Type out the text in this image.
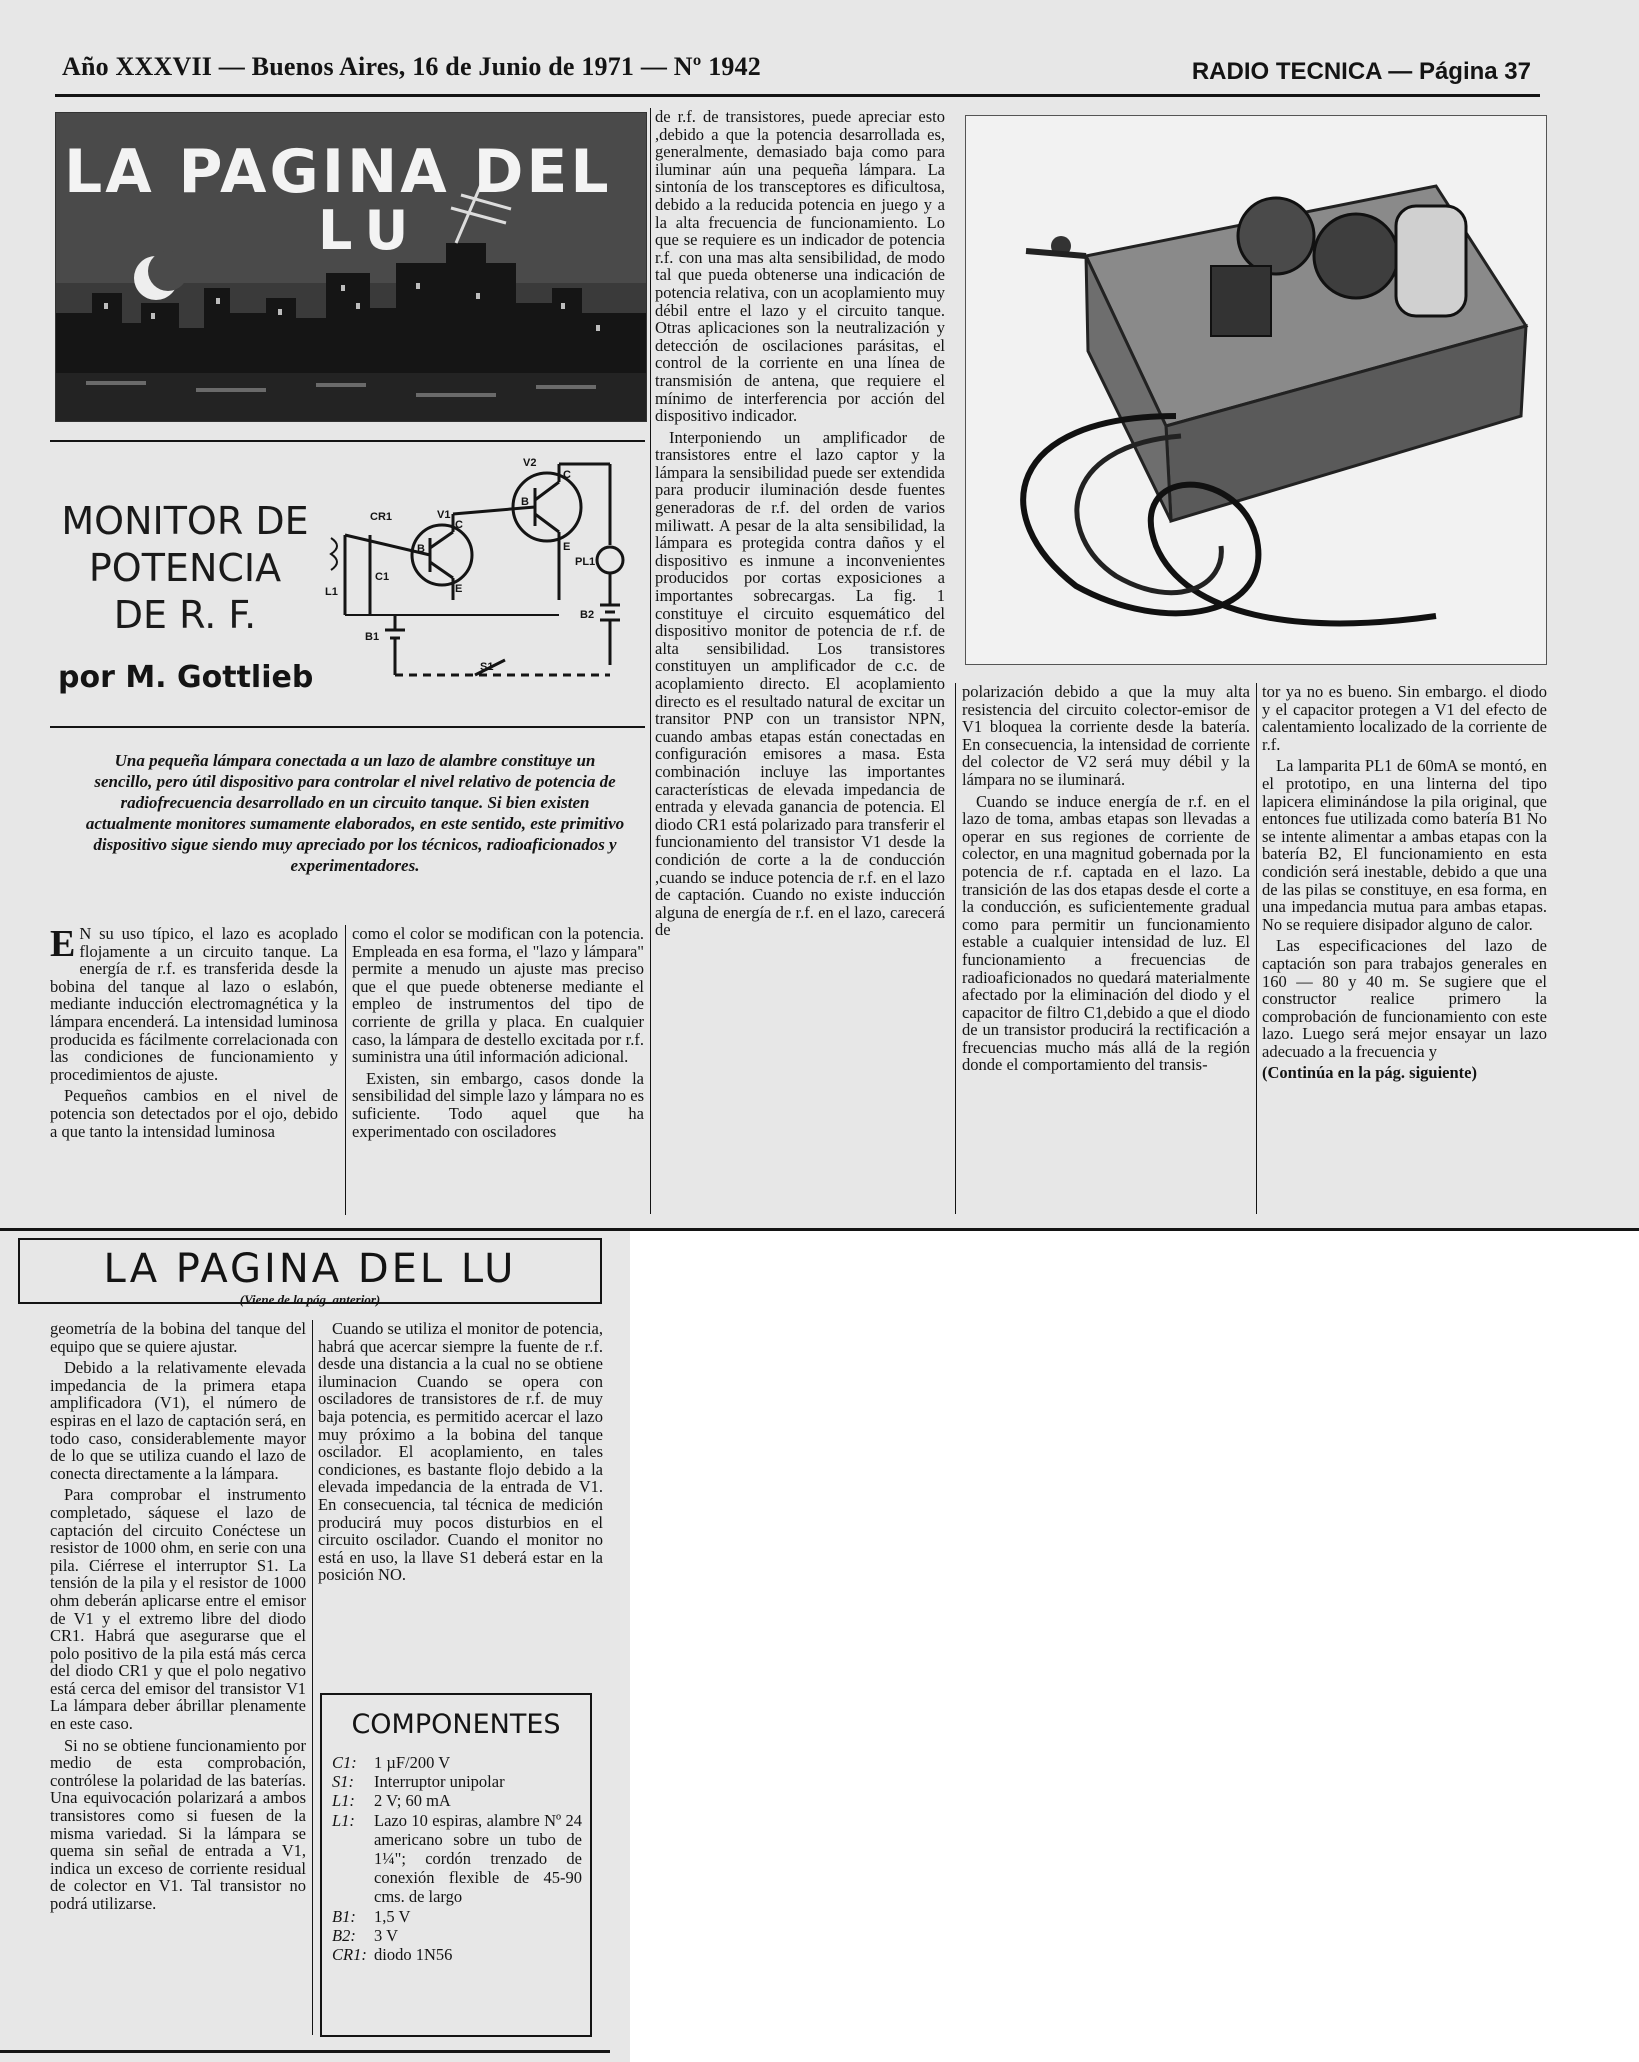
Año XXXVII — Buenos Aires, 16 de Junio de 1971 — Nº 1942	RADIO TECNICA — Página 37
LA PAGINA DEL
LU
MONITOR DE
POTENCIA
DE R. F.
por M. Gottlieb
CR1
L1
C1
V1
V2
PL1
B1
B2
S1
B
C
E
B
C
E
Una pequeña lámpara conectada a un lazo de alambre constituye un sencillo, pero útil dispositivo para controlar el nivel relativo de potencia de radiofrecuencia desarrollado en un circuito tanque. Si bien existen actualmente monitores sumamente elaborados, en este sentido, este primitivo dispositivo sigue siendo muy apreciado por los técnicos, radioaficionados y experimentadores.

E N su uso típico, el lazo es acoplado flojamente a un circuito tanque. La energía de r.f. es transferida desde la bobina del tanque al lazo o eslabón, mediante inducción electromagnética y la lámpara encenderá. La intensidad luminosa producida es fácilmente correlacionada con las condiciones de funcionamiento y procedimientos de ajuste.

Pequeños cambios en el nivel de potencia son detectados por el ojo, debido a que tanto la intensidad luminosa

como el color se modifican con la potencia. Empleada en esa forma, el "lazo y lámpara" permite a menudo un ajuste mas preciso que el que puede obtenerse mediante el empleo de instrumentos del tipo de corriente de grilla y placa. En cualquier caso, la lámpara de destello excitada por r.f. suministra una útil información adicional.

Existen, sin embargo, casos donde la sensibilidad del simple lazo y lámpara no es suficiente. Todo aquel que ha experimentado con osciladores

de r.f. de transistores, puede apreciar esto ,debido a que la potencia desarrollada es, generalmente, demasiado baja como para iluminar aún una pequeña lámpara. La sintonía de los transceptores es dificultosa, debido a la reducida potencia en juego y a la alta frecuencia de funcionamiento. Lo que se requiere es un indicador de potencia r.f. con una mas alta sensibilidad, de modo tal que pueda obtenerse una indicación de potencia relativa, con un acoplamiento muy débil entre el lazo y el circuito tanque. Otras aplicaciones son la neutralización y detección de oscilaciones parásitas, el control de la corriente en una línea de transmisión de antena, que requiere el mínimo de interferencia por acción del dispositivo indicador.

Interponiendo un amplificador de transistores entre el lazo captor y la lámpara la sensibilidad puede ser extendida para producir iluminación desde fuentes generadoras de r.f. del orden de varios miliwatt. A pesar de la alta sensibilidad, la lámpara es protegida contra daños y el dispositivo es inmune a inconvenientes producidos por cortas exposiciones a importantes sobrecargas. La fig. 1 constituye el circuito esquemático del dispositivo monitor de potencia de r.f. de alta sensibilidad. Los transistores constituyen un amplificador de c.c. de acoplamiento directo. El acoplamiento directo es el resultado natural de excitar un transitor PNP con un transistor NPN, cuando ambas etapas están conectadas en configuración emisores a masa. Esta combinación incluye las importantes características de elevada impedancia de entrada y elevada ganancia de potencia. El diodo CR1 está polarizado para transferir el funcionamiento del transistor V1 desde la condición de corte a la de conducción ,cuando se induce potencia de r.f. en el lazo de captación. Cuando no existe inducción alguna de energía de r.f. en el lazo, carecerá de

polarización debido a que la muy alta resistencia del circuito colector-emisor de V1 bloquea la corriente desde la batería. En consecuencia, la intensidad de corriente del colector de V2 será muy débil y la lámpara no se iluminará.

Cuando se induce energía de r.f. en el lazo de toma, ambas etapas son llevadas a operar en sus regiones de corriente de colector, en una magnitud gobernada por la potencia de r.f. captada en el lazo. La transición de las dos etapas desde el corte a la conducción, es suficientemente gradual como para permitir un funcionamiento estable a cualquier intensidad de luz. El funcionamiento a frecuencias de radioaficionados no quedará materialmente afectado por la eliminación del diodo y el capacitor de filtro C1,debido a que el diodo de un transistor producirá la rectificación a frecuencias mucho más allá de la región donde el comportamiento del transis-

tor ya no es bueno. Sin embargo. el diodo y el capacitor protegen a V1 del efecto de calentamiento localizado de la corriente de r.f.

La lamparita PL1 de 60mA se montó, en el prototipo, en una linterna del tipo lapicera eliminándose la pila original, que entonces fue utilizada como batería B1 No se intente alimentar a ambas etapas con la batería B2, El funcionamiento en esta condición será inestable, debido a que una de las pilas se constituye, en esa forma, en una impedancia mutua para ambas etapas. No se requiere disipador alguno de calor.

Las especificaciones del lazo de captación son para trabajos generales en 160 — 80 y 40 m. Se sugiere que el constructor realice primero la comprobación de funcionamiento con este lazo. Luego será mejor ensayar un lazo adecuado a la frecuencia y

(Continúa en la pág. siguiente)

LA PAGINA DEL LU
(Viene de la pág. anterior)

geometría de la bobina del tanque del equipo que se quiere ajustar.

Debido a la relativamente elevada impedancia de la primera etapa amplificadora (V1), el número de espiras en el lazo de captación será, en todo caso, considerablemente mayor de lo que se utiliza cuando el lazo de conecta directamente a la lámpara.

Para comprobar el instrumento completado, sáquese el lazo de captación del circuito Conéctese un resistor de 1000 ohm, en serie con una pila. Ciérrese el interruptor S1. La tensión de la pila y el resistor de 1000 ohm deberán aplicarse entre el emisor de V1 y el extremo libre del diodo CR1. Habrá que asegurarse que el polo positivo de la pila está más cerca del diodo CR1 y que el polo negativo está cerca del emisor del transistor V1 La lámpara deber ábrillar plenamente en este caso.

Si no se obtiene funcionamiento por medio de esta comprobación, contrólese la polaridad de las baterías. Una equivocación polarizará a ambos transistores como si fuesen de la misma variedad. Si la lámpara se quema sin señal de entrada a V1, indica un exceso de corriente residual de colector en V1. Tal transistor no podrá utilizarse.

Cuando se utiliza el monitor de potencia, habrá que acercar siempre la fuente de r.f. desde una distancia a la cual no se obtiene iluminacion Cuando se opera con osciladores de transistores de r.f. de muy baja potencia, es permitido acercar el lazo muy próximo a la bobina del tanque oscilador. El acoplamiento, en tales condiciones, es bastante flojo debido a la elevada impedancia de la entrada de V1. En consecuencia, tal técnica de medición producirá muy pocos disturbios en el circuito oscilador. Cuando el monitor no está en uso, la llave S1 deberá estar en la posición NO.

COMPONENTES
C1:	1 µF/200 V
S1:	Interruptor unipolar
L1:	2 V; 60 mA
L1:	Lazo 10 espiras, alambre Nº 24 americano sobre un tubo de 1¼"; cordón trenzado de conexión flexible de 45-90 cms. de largo
B1:	1,5 V
B2:	3 V
CR1: diodo 1N56
